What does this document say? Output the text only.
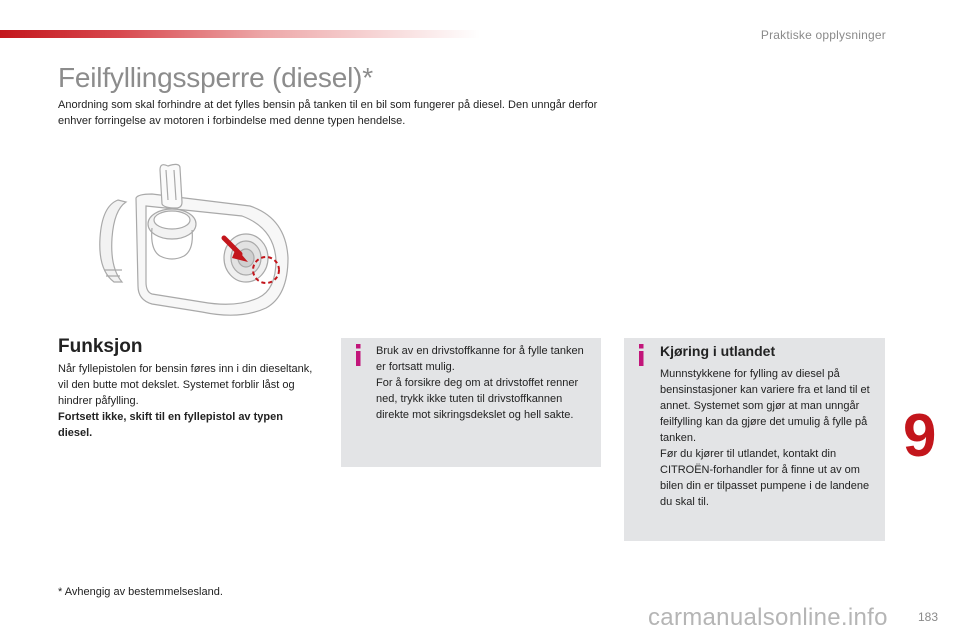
Praktiske opplysninger
Feilfyllingssperre (diesel)*

Anordning som skal forhindre at det fylles bensin på tanken til en bil som fungerer på diesel. Den unngår derfor enhver forringelse av motoren i forbindelse med denne typen hendelse.

Funksjon
Når fyllepistolen for bensin føres inn i din dieseltank, vil den butte mot dekslet. Systemet forblir låst og hindrer påfylling.
Fortsett ikke, skift til en fyllepistol av typen diesel.
Bruk av en drivstoffkanne for å fylle tanken er fortsatt mulig.
For å forsikre deg om at drivstoffet renner ned, trykk ikke tuten til drivstoffkannen direkte mot sikringsdekslet og hell sakte.
Kjøring i utlandet
Munnstykkene for fylling av diesel på bensinstasjoner kan variere fra et land til et annet. Systemet som gjør at man unngår feilfylling kan da gjøre det umulig å fylle på tanken.
Før du kjører til utlandet, kontakt din CITROËN-forhandler for å finne ut av om bilen din er tilpasset pumpene i de landene du skal til.
9
* Avhengig av bestemmelsesland.
183
carmanualsonline.info
